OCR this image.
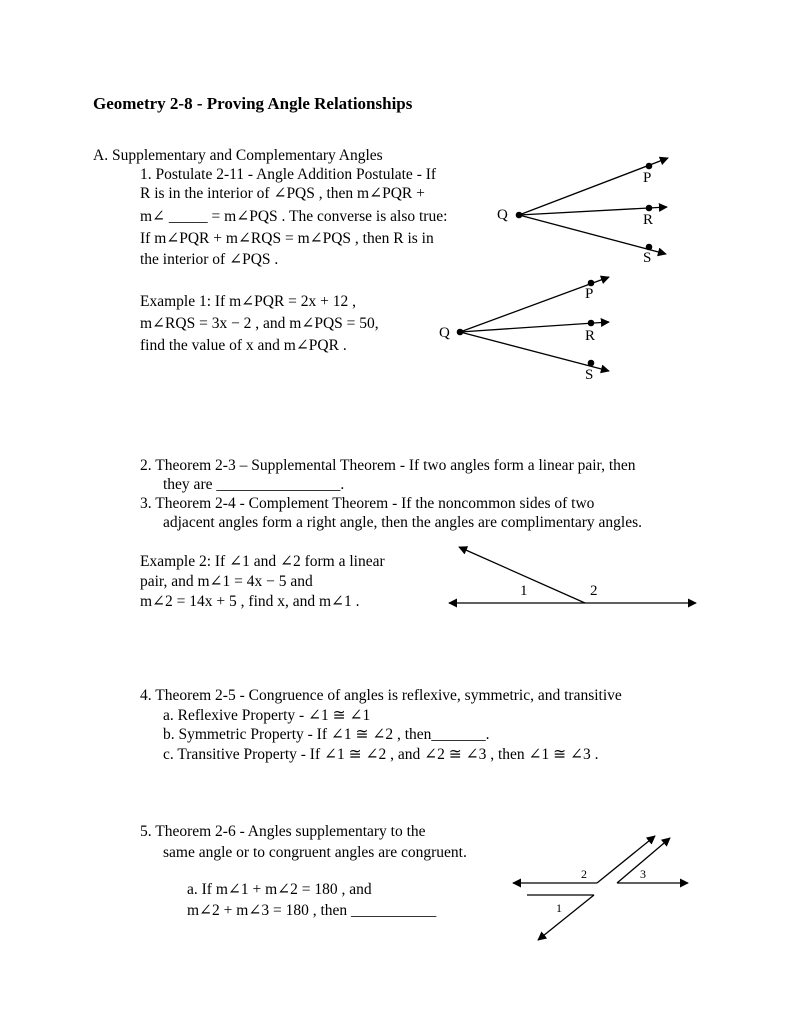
Geometry 2-8 - Proving Angle Relationships
A. Supplementary and Complementary Angles
1. Postulate 2-11 - Angle Addition Postulate - If
R is in the interior of ∠PQS , then m∠PQR +
m∠ _____ = m∠PQS . The converse is also true:
If m∠PQR + m∠RQS = m∠PQS , then R is in
the interior of ∠PQS .
Example 1: If m∠PQR = 2x + 12 ,
m∠RQS = 3x − 2 , and m∠PQS = 50,
find the value of x and m∠PQR .
Q
P
R
S
Q
P
R
S
2. Theorem 2-3 – Supplemental Theorem - If two angles form a linear pair, then
they are ________________.
3. Theorem 2-4 - Complement Theorem - If the noncommon sides of two
adjacent angles form a right angle, then the angles are complimentary angles.
Example 2: If ∠1 and ∠2 form a linear
pair, and m∠1 = 4x − 5 and
m∠2 = 14x + 5 , find x, and m∠1 .
1	2
4. Theorem 2-5 - Congruence of angles is reflexive, symmetric, and transitive
a. Reflexive Property - ∠1 ≅ ∠1
b. Symmetric Property - If ∠1 ≅ ∠2 , then_______.
c. Transitive Property - If ∠1 ≅ ∠2 , and ∠2 ≅ ∠3 , then ∠1 ≅ ∠3 .
5. Theorem 2-6 - Angles supplementary to the
same angle or to congruent angles are congruent.
a. If m∠1 + m∠2 = 180 , and
m∠2 + m∠3 = 180 , then ___________
2	3
1
